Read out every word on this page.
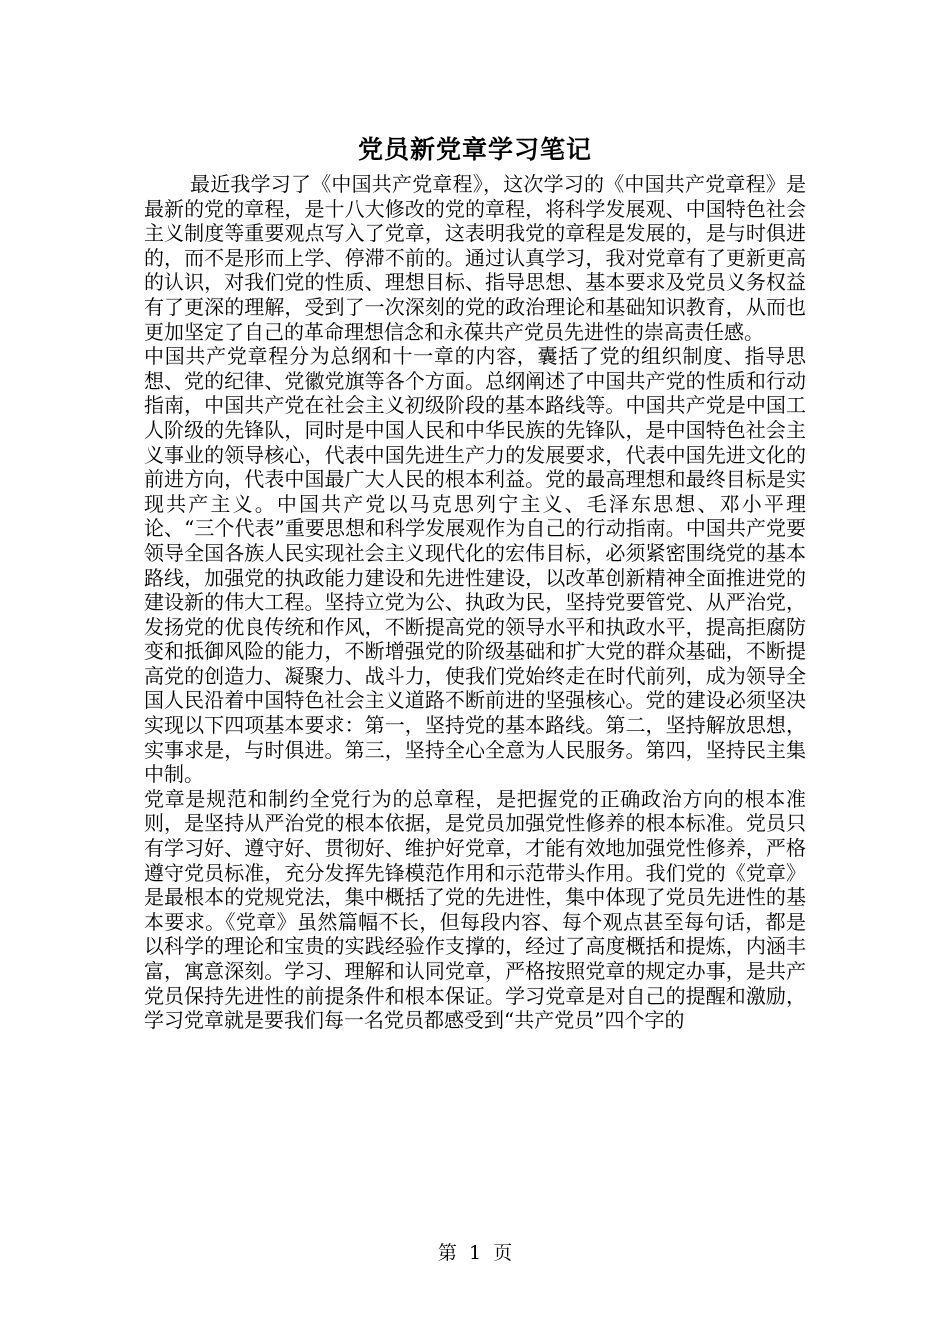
党员新党章学习笔记

最近我学习了《中国共产党章程》，这次学习的《中国共产党章程》是最新的党的章程，是十八大修改的党的章程，将科学发展观、中国特色社会主义制度等重要观点写入了党章，这表明我党的章程是发展的，是与时俱进的，而不是形而上学、停滞不前的。通过认真学习，我对党章有了更新更高的认识，对我们党的性质、理想目标、指导思想、基本要求及党员义务权益有了更深的理解，受到了一次深刻的党的政治理论和基础知识教育，从而也更加坚定了自己的革命理想信念和永葆共产党员先进性的崇高责任感。

中国共产党章程分为总纲和十一章的内容，囊括了党的组织制度、指导思想、党的纪律、党徽党旗等各个方面。总纲阐述了中国共产党的性质和行动指南，中国共产党在社会主义初级阶段的基本路线等。中国共产党是中国工人阶级的先锋队，同时是中国人民和中华民族的先锋队，是中国特色社会主义事业的领导核心，代表中国先进生产力的发展要求，代表中国先进文化的前进方向，代表中国最广大人民的根本利益。党的最高理想和最终目标是实现共产主义。中国共产党以马克思列宁主义、毛泽东思想、邓小平理论、“三个代表”重要思想和科学发展观作为自己的行动指南。中国共产党要领导全国各族人民实现社会主义现代化的宏伟目标，必须紧密围绕党的基本路线，加强党的执政能力建设和先进性建设，以改革创新精神全面推进党的建设新的伟大工程。坚持立党为公、执政为民，坚持党要管党、从严治党，发扬党的优良传统和作风，不断提高党的领导水平和执政水平，提高拒腐防变和抵御风险的能力，不断增强党的阶级基础和扩大党的群众基础，不断提高党的创造力、凝聚力、战斗力，使我们党始终走在时代前列，成为领导全国人民沿着中国特色社会主义道路不断前进的坚强核心。党的建设必须坚决实现以下四项基本要求：第一，坚持党的基本路线。第二，坚持解放思想，实事求是，与时俱进。第三，坚持全心全意为人民服务。第四，坚持民主集中制。

党章是规范和制约全党行为的总章程，是把握党的正确政治方向的根本准则，是坚持从严治党的根本依据，是党员加强党性修养的根本标准。党员只有学习好、遵守好、贯彻好、维护好党章，才能有效地加强党性修养，严格遵守党员标准，充分发挥先锋模范作用和示范带头作用。我们党的《党章》是最根本的党规党法，集中概括了党的先进性，集中体现了党员先进性的基本要求。《党章》虽然篇幅不长，但每段内容、每个观点甚至每句话，都是以科学的理论和宝贵的实践经验作支撑的，经过了高度概括和提炼，内涵丰富，寓意深刻。学习、理解和认同党章，严格按照党章的规定办事，是共产党员保持先进性的前提条件和根本保证。学习党章是对自己的提醒和激励，学习党章就是要我们每一名党员都感受到“共产党员”四个字的

第 1 页
